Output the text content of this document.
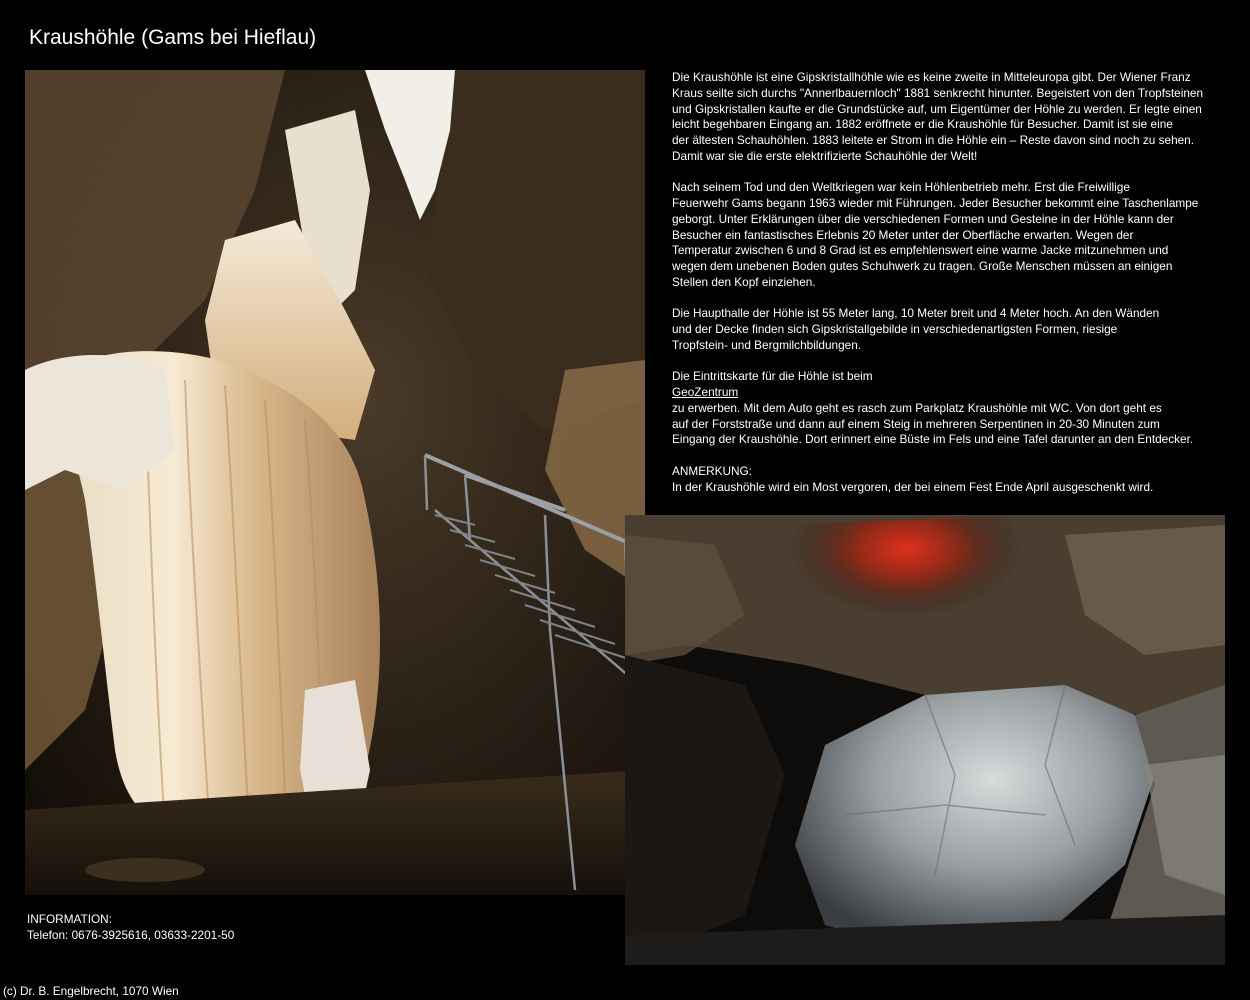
Kraushöhle (Gams bei Hieflau)

Die Kraushöhle ist eine Gipskristallhöhle wie es keine zweite in Mitteleuropa gibt. Der Wiener Franz
Kraus seilte sich durchs "Annerlbauernloch" 1881 senkrecht hinunter. Begeistert von den Tropfsteinen
und Gipskristallen kaufte er die Grundstücke auf, um Eigentümer der Höhle zu werden. Er legte einen
leicht begehbaren Eingang an. 1882 eröffnete er die Kraushöhle für Besucher. Damit ist sie eine
der ältesten Schauhöhlen. 1883 leitete er Strom in die Höhle ein – Reste davon sind noch zu sehen.
Damit war sie die erste elektrifizierte Schauhöhle der Welt!

Nach seinem Tod und den Weltkriegen war kein Höhlenbetrieb mehr. Erst die Freiwillige
Feuerwehr Gams begann 1963 wieder mit Führungen. Jeder Besucher bekommt eine Taschenlampe
geborgt. Unter Erklärungen über die verschiedenen Formen und Gesteine in der Höhle kann der
Besucher ein fantastisches Erlebnis 20 Meter unter der Oberfläche erwarten. Wegen der
Temperatur zwischen 6 und 8 Grad ist es empfehlenswert eine warme Jacke mitzunehmen und
wegen dem unebenen Boden gutes Schuhwerk zu tragen. Große Menschen müssen an einigen
Stellen den Kopf einziehen.

Die Haupthalle der Höhle ist 55 Meter lang, 10 Meter breit und 4 Meter hoch. An den Wänden
und der Decke finden sich Gipskristallgebilde in verschiedenartigsten Formen, riesige
Tropfstein- und Bergmilchbildungen.

Die Eintrittskarte für die Höhle ist beim

GeoZentrum

zu erwerben. Mit dem Auto geht es rasch zum Parkplatz Kraushöhle mit WC. Von dort geht es
auf der Forststraße und dann auf einem Steig in mehreren Serpentinen in 20-30 Minuten zum
Eingang der Kraushöhle. Dort erinnert eine Büste im Fels und eine Tafel darunter an den Entdecker.

ANMERKUNG:

In der Kraushöhle wird ein Most vergoren, der bei einem Fest Ende April ausgeschenkt wird.

INFORMATION:
Telefon: 0676-3925616, 03633-2201-50
(c) Dr. B. Engelbrecht, 1070 Wien
